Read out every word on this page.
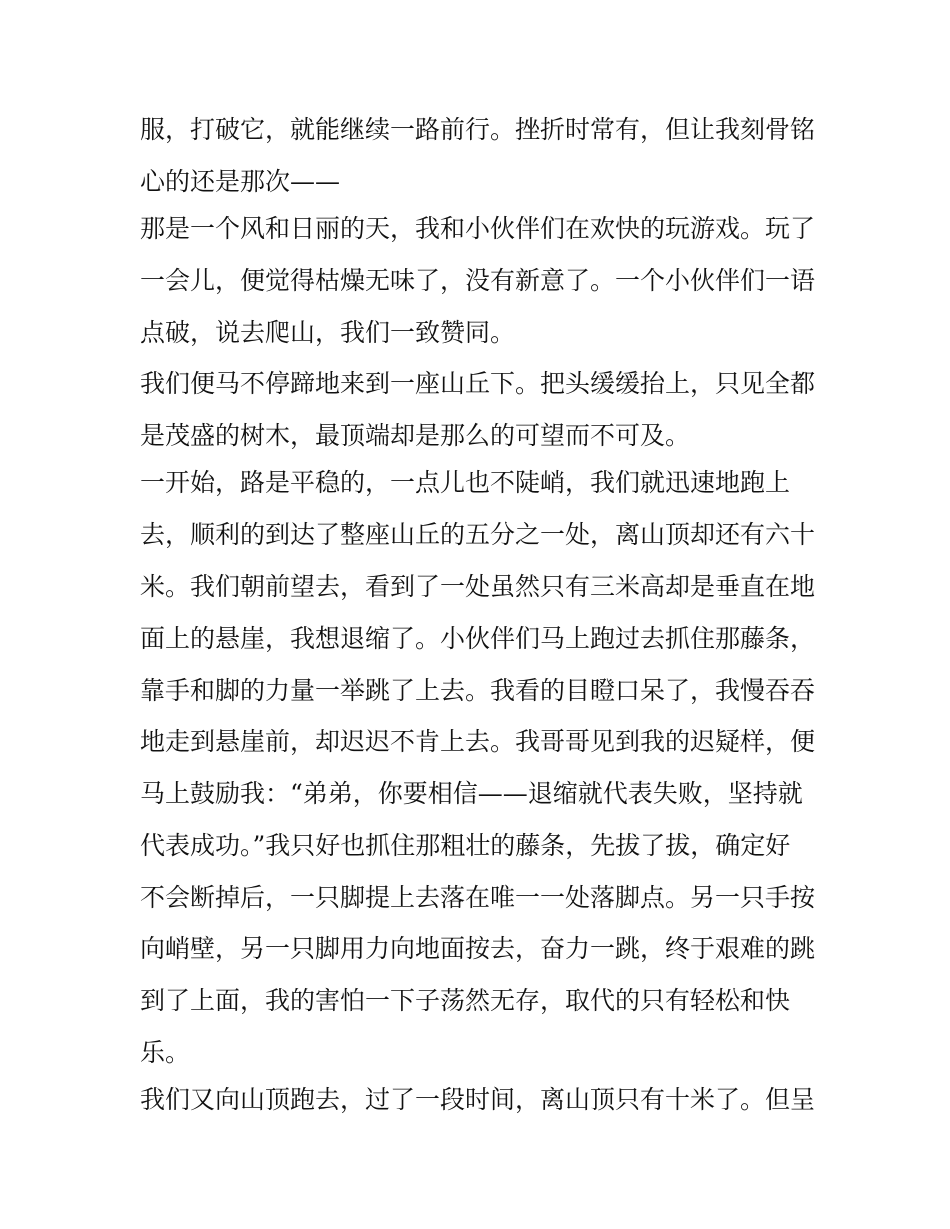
服，打破它，就能继续一路前行。挫折时常有，但让我刻骨铭
心的还是那次——
那是一个风和日丽的天，我和小伙伴们在欢快的玩游戏。玩了
一会儿，便觉得枯燥无味了，没有新意了。一个小伙伴们一语
点破，说去爬山，我们一致赞同。
我们便马不停蹄地来到一座山丘下。把头缓缓抬上，只见全都
是茂盛的树木，最顶端却是那么的可望而不可及。
一开始，路是平稳的，一点儿也不陡峭，我们就迅速地跑上
去，顺利的到达了整座山丘的五分之一处，离山顶却还有六十
米。我们朝前望去，看到了一处虽然只有三米高却是垂直在地
面上的悬崖，我想退缩了。小伙伴们马上跑过去抓住那藤条，
靠手和脚的力量一举跳了上去。我看的目瞪口呆了，我慢吞吞
地走到悬崖前，却迟迟不肯上去。我哥哥见到我的迟疑样，便
马上鼓励我：“弟弟，你要相信——退缩就代表失败，坚持就
代表成功。”我只好也抓住那粗壮的藤条，先拔了拔，确定好
不会断掉后，一只脚提上去落在唯一一处落脚点。另一只手按
向峭壁，另一只脚用力向地面按去，奋力一跳，终于艰难的跳
到了上面，我的害怕一下子荡然无存，取代的只有轻松和快
乐。
我们又向山顶跑去，过了一段时间，离山顶只有十米了。但呈
